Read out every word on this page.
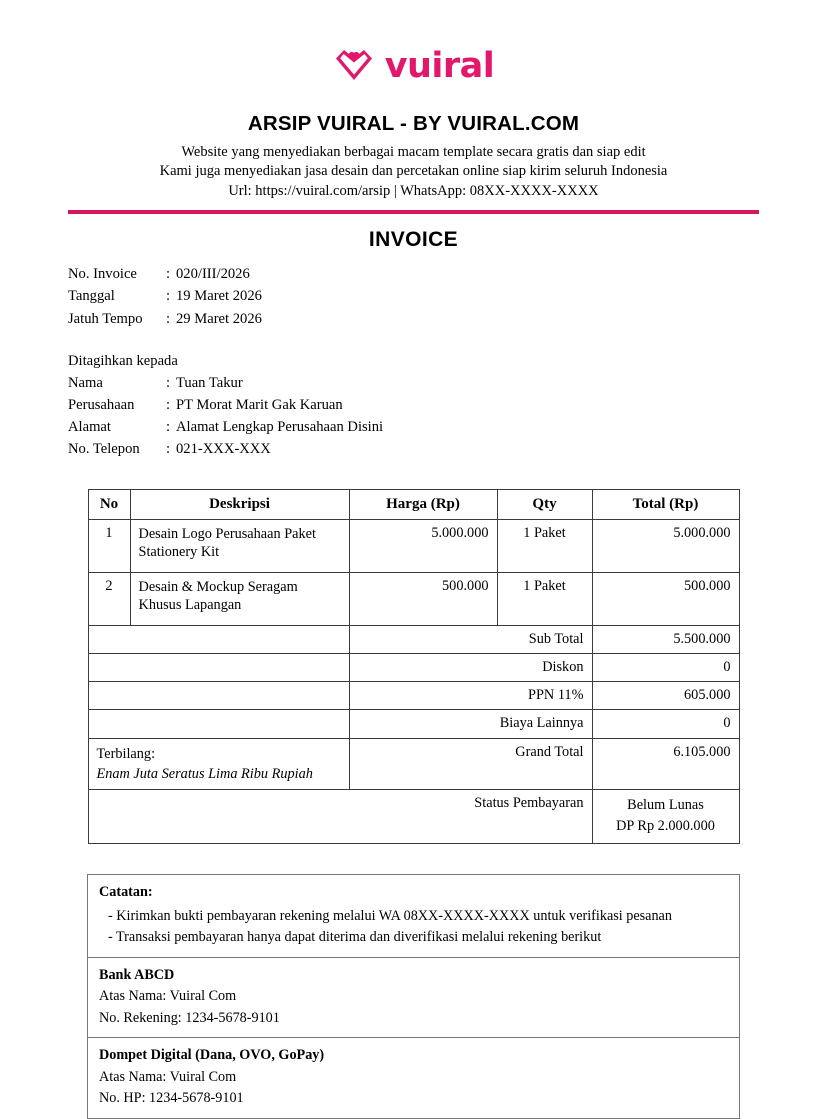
vuiral
ARSIP VUIRAL - BY VUIRAL.COM
Website yang menyediakan berbagai macam template secara gratis dan siap edit
Kami juga menyediakan jasa desain dan percetakan online siap kirim seluruh Indonesia
Url: https://vuiral.com/arsip | WhatsApp: 08XX-XXXX-XXXX
INVOICE
No. Invoice	: 020/III/2026
Tanggal	: 19 Maret 2026
Jatuh Tempo	: 29 Maret 2026
Ditagihkan kepada
Nama	: Tuan Takur
Perusahaan	: PT Morat Marit Gak Karuan
Alamat	: Alamat Lengkap Perusahaan Disini
No. Telepon	: 021-XXX-XXX
No	Deskripsi	Harga (Rp)	Qty	Total (Rp)
1	Desain Logo Perusahaan Paket Stationery Kit	5.000.000	1 Paket	5.000.000
2	Desain & Mockup Seragam Khusus Lapangan	500.000	1 Paket	500.000
		Sub Total		5.500.000
		Diskon		0
		PPN 11%		605.000
		Biaya Lainnya		0

Terbilang:
Enam Juta Seratus Lima Ribu Rupiah		Grand Total		6.105.000
Status Pembayaran				Belum Lunas
DP Rp 2.000.000
Catatan:
- Kirimkan bukti pembayaran rekening melalui WA 08XX-XXXX-XXXX untuk verifikasi pesanan
- Transaksi pembayaran hanya dapat diterima dan diverifikasi melalui rekening berikut
Bank ABCD
Atas Nama: Vuiral Com
No. Rekening: 1234-5678-9101
Dompet Digital (Dana, OVO, GoPay)
Atas Nama: Vuiral Com
No. HP: 1234-5678-9101
